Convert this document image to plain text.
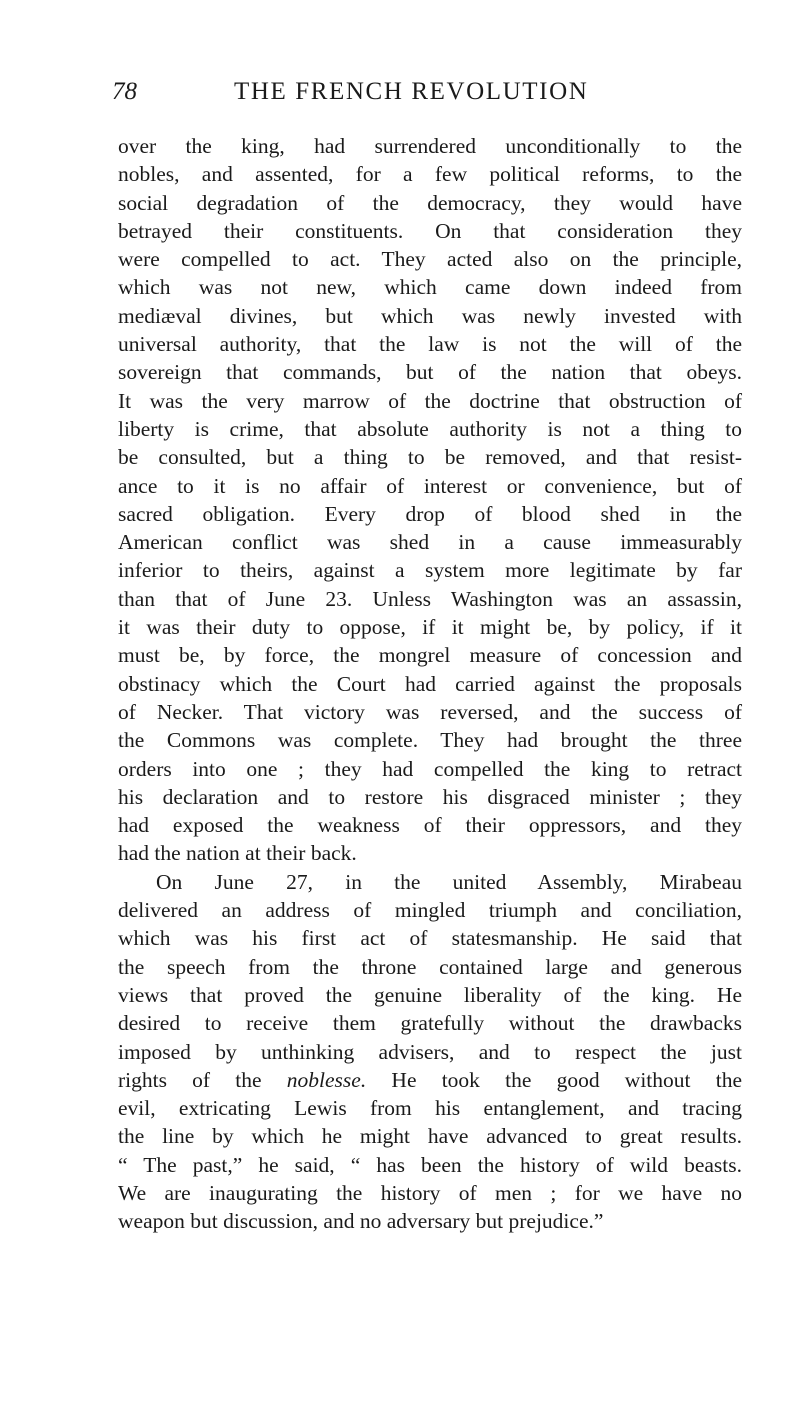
78	THE FRENCH REVOLUTION
over the king, had surrendered unconditionally to the
nobles, and assented, for a few political reforms, to the
social degradation of the democracy, they would have
betrayed their constituents. On that consideration they
were compelled to act. They acted also on the principle,
which was not new, which came down indeed from
mediæval divines, but which was newly invested with
universal authority, that the law is not the will of the
sovereign that commands, but of the nation that obeys.
It was the very marrow of the doctrine that obstruction of
liberty is crime, that absolute authority is not a thing to
be consulted, but a thing to be removed, and that resist-
ance to it is no affair of interest or convenience, but of
sacred obligation. Every drop of blood shed in the
American conflict was shed in a cause immeasurably
inferior to theirs, against a system more legitimate by far
than that of June 23. Unless Washington was an assassin,
it was their duty to oppose, if it might be, by policy, if it
must be, by force, the mongrel measure of concession and
obstinacy which the Court had carried against the proposals
of Necker. That victory was reversed, and the success of
the Commons was complete. They had brought the three
orders into one ; they had compelled the king to retract
his declaration and to restore his disgraced minister ; they
had exposed the weakness of their oppressors, and they
had the nation at their back.
On June 27, in the united Assembly, Mirabeau
delivered an address of mingled triumph and conciliation,
which was his first act of statesmanship. He said that
the speech from the throne contained large and generous
views that proved the genuine liberality of the king. He
desired to receive them gratefully without the drawbacks
imposed by unthinking advisers, and to respect the just
rights of the noblesse. He took the good without the
evil, extricating Lewis from his entanglement, and tracing
the line by which he might have advanced to great results.
“ The past,” he said, “ has been the history of wild beasts.
We are inaugurating the history of men ; for we have no
weapon but discussion, and no adversary but prejudice.”
